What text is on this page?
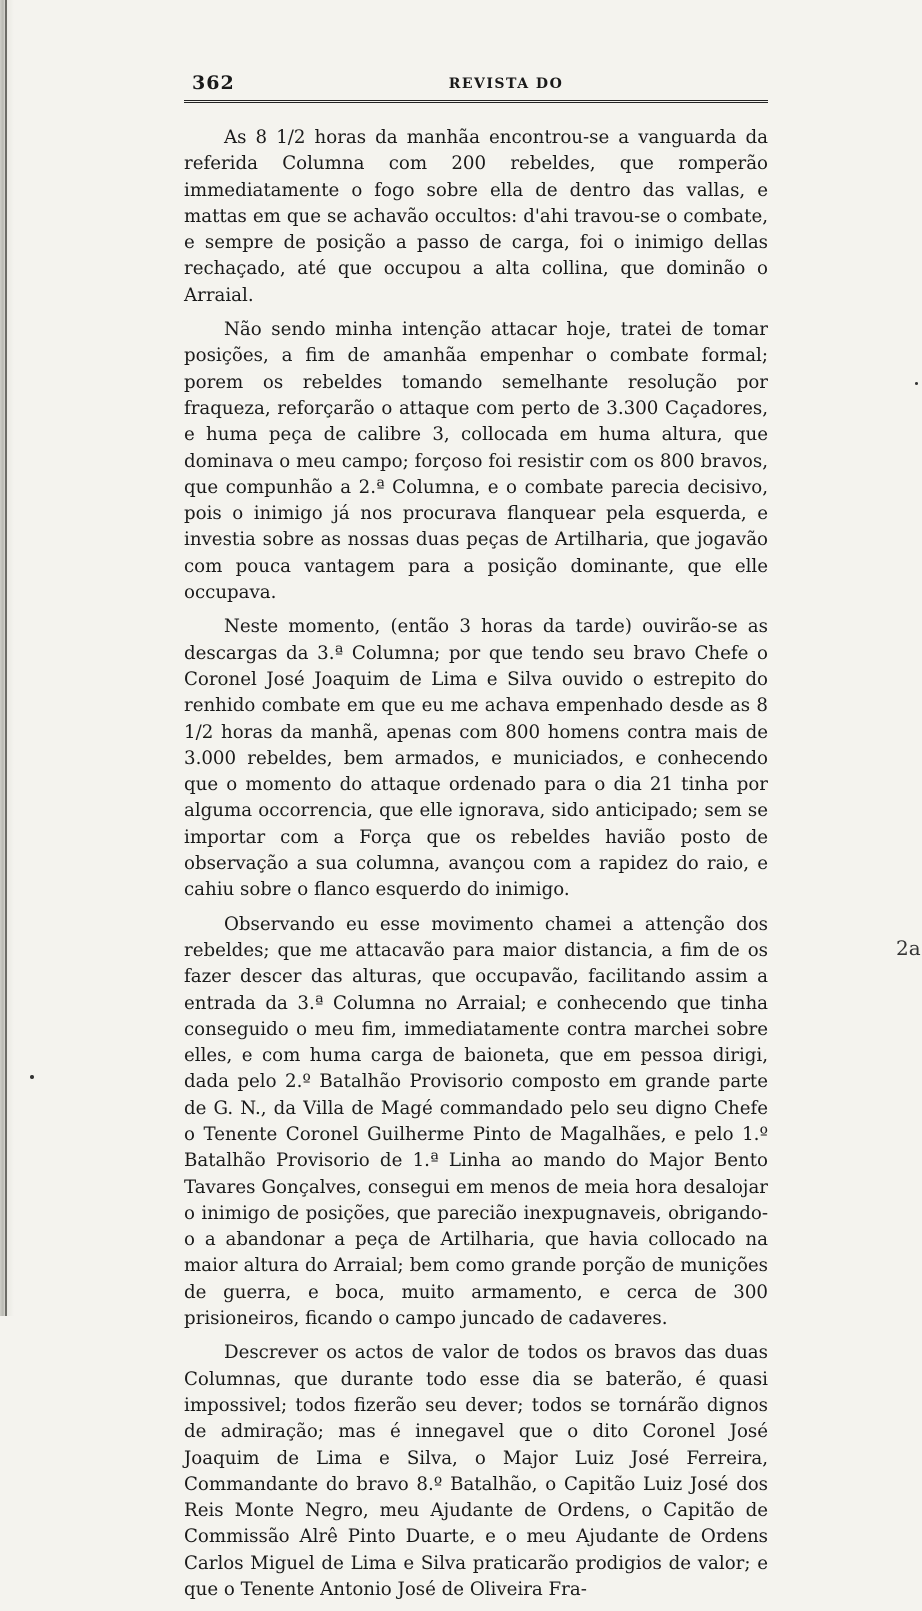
362	REVISTA DO

As 8 1/2 horas da manhãa encontrou-se a vanguarda da referida Columna com 200 rebeldes, que romperão immediatamente o fogo sobre ella de dentro das vallas, e mattas em que se achavão occultos: d'ahi travou-se o combate, e sempre de posição a passo de carga, foi o inimigo dellas rechaçado, até que occupou a alta collina, que dominão o Arraial.

Não sendo minha intenção attacar hoje, tratei de tomar posições, a fim de amanhãa empenhar o combate formal; porem os rebeldes tomando semelhante resolução por fraqueza, reforçarão o attaque com perto de 3.300 Caçadores, e huma peça de calibre 3, collocada em huma altura, que dominava o meu campo; forçoso foi resistir com os 800 bravos, que compunhão a 2.ª Columna, e o combate parecia decisivo, pois o inimigo já nos procurava flanquear pela esquerda, e investia sobre as nossas duas peças de Artilharia, que jogavão com pouca vantagem para a posição dominante, que elle occupava.

Neste momento, (então 3 horas da tarde) ouvirão-se as descargas da 3.ª Columna; por que tendo seu bravo Chefe o Coronel José Joaquim de Lima e Silva ouvido o estrepito do renhido combate em que eu me achava empenhado desde as 8 1/2 horas da manhã, apenas com 800 homens contra mais de 3.000 rebeldes, bem armados, e municiados, e conhecendo que o momento do attaque ordenado para o dia 21 tinha por alguma occorrencia, que elle ignorava, sido anticipado; sem se importar com a Força que os rebeldes havião posto de observação a sua columna, avançou com a rapidez do raio, e cahiu sobre o flanco esquerdo do inimigo.

Observando eu esse movimento chamei a attenção dos rebeldes; que me attacavão para maior distancia, a fim de os fazer descer das alturas, que occupavão, facilitando assim a entrada da 3.ª Columna no Arraial; e conhecendo que tinha conseguido o meu fim, immediatamente contra marchei sobre elles, e com huma carga de baioneta, que em pessoa dirigi, dada pelo 2.º Batalhão Provisorio composto em grande parte de G. N., da Villa de Magé commandado pelo seu digno Chefe o Tenente Coronel Guilherme Pinto de Magalhães, e pelo 1.º Batalhão Provisorio de 1.ª Linha ao mando do Major Bento Tavares Gonçalves, consegui em menos de meia hora desalojar o inimigo de posições, que parecião inexpugnaveis, obrigando-o a abandonar a peça de Artilharia, que havia collocado na maior altura do Arraial; bem como grande porção de munições de guerra, e boca, muito armamento, e cerca de 300 prisioneiros, ficando o campo juncado de cadaveres.

Descrever os actos de valor de todos os bravos das duas Columnas, que durante todo esse dia se baterão, é quasi impossivel; todos fizerão seu dever; todos se tornárão dignos de admiração; mas é innegavel que o dito Coronel José Joaquim de Lima e Silva, o Major Luiz José Ferreira, Commandante do bravo 8.º Batalhão, o Capitão Luiz José dos Reis Monte Negro, meu Ajudante de Ordens, o Capitão de Commissão Alrê Pinto Duarte, e o meu Ajudante de Ordens Carlos Miguel de Lima e Silva praticarão prodigios de valor; e que o Tenente Antonio José de Oliveira Fra-

2a
